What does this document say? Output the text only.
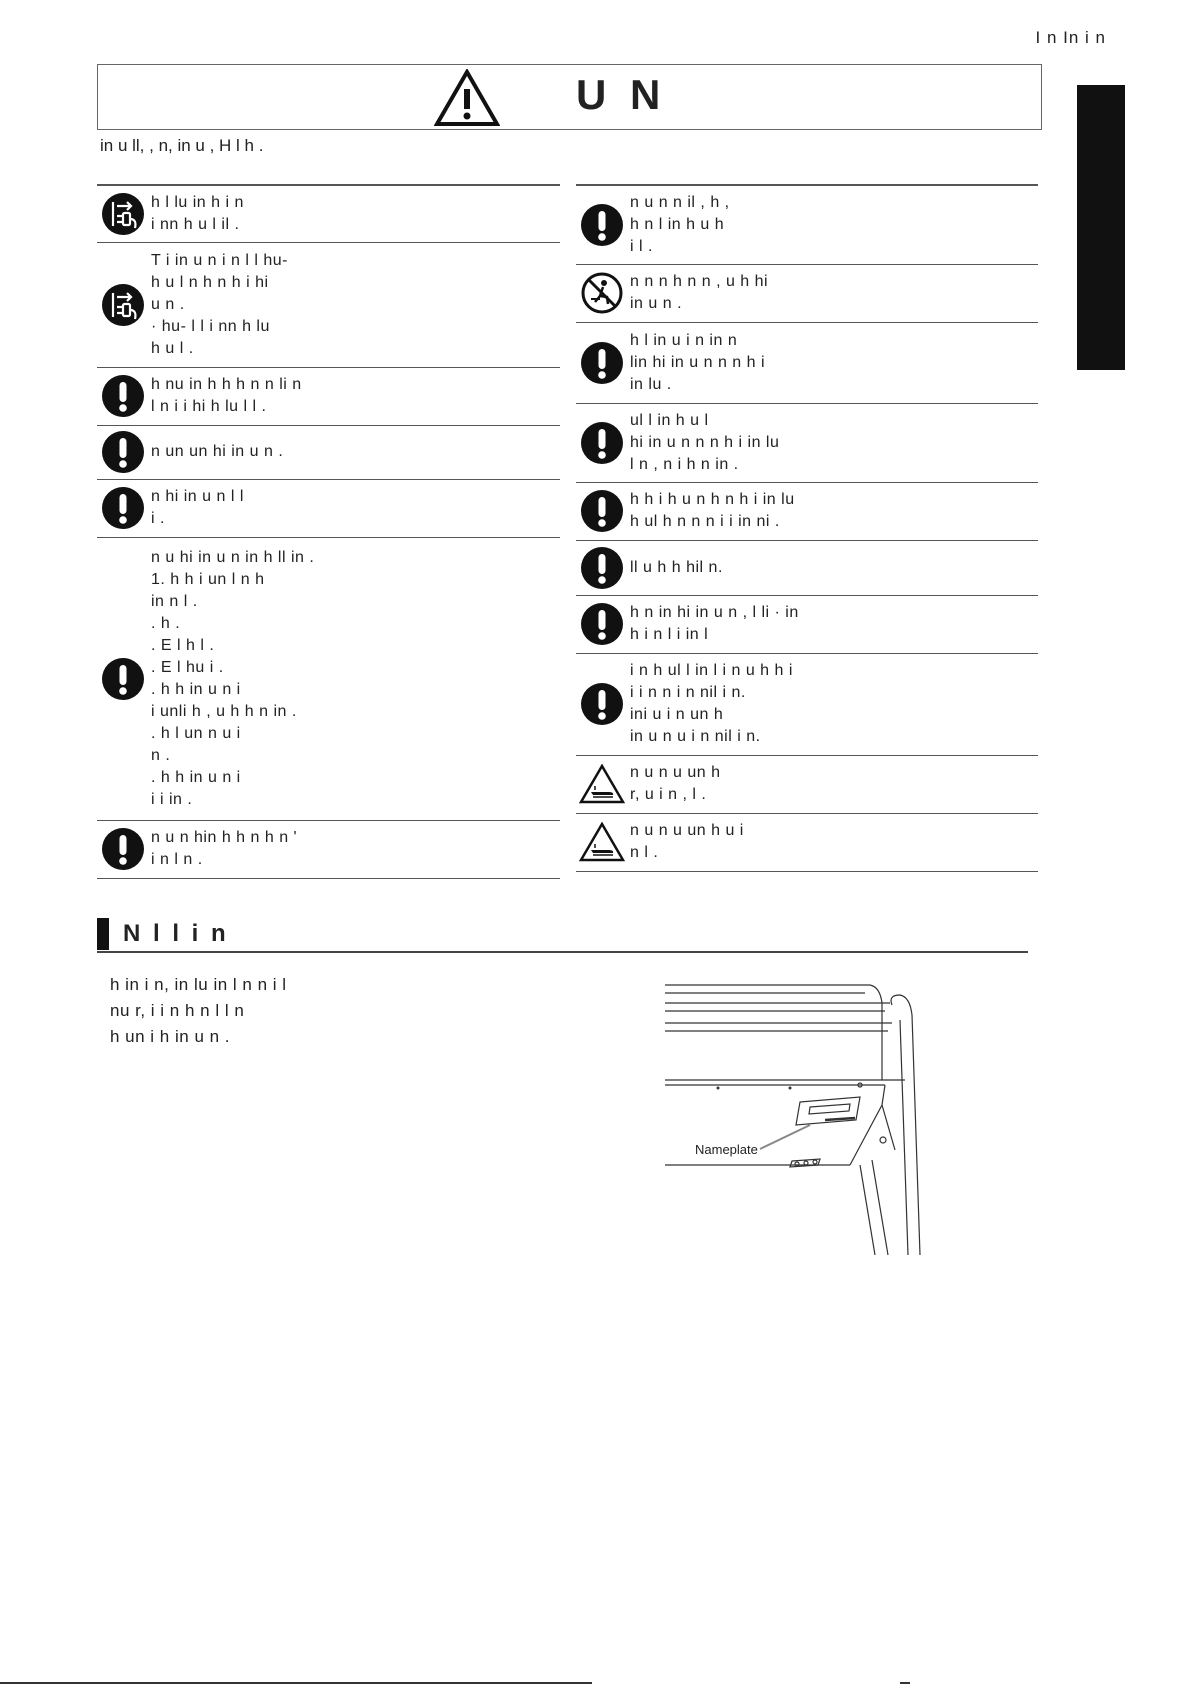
I n In i n
U N
in u ll, , n, in u , H l h .
h l lu in h i n
i nn h u l il .
T i in u n i n l l hu-
h u l n h n h i hi
u n .
· hu- l l i nn h lu
h u l .
h nu in h h h n n li n
l n i i hi h lu l l .
n un un hi in u n .
n hi in u n l l
i .
n u hi in u n in h ll in .
1. h h i un l n h
in n l .
. h .
. E l h l .
. E l hu i .
. h h in u n i
i unli h , u h h n in .
. h l un n u i
n .
. h h in u n i
i i in .
n u n hin h h n h n '
i n l n .
n u n n il , h ,
h n l in h u h
i l .
n n n h n n , u h hi
in u n .
h l in u i n in n
lin hi in u n n n h i
in lu .
ul l in h u l
hi in u n n n h i in lu
l n , n i h n in .
h h i h u n h n h i in lu
h ul h n n n i i in ni .
ll u h h hil n.
h n in hi in u n , l li · in
h i n l i in l
i n h ul l in l i n u h h i
i i n n i n nil i n.
ini u i n un h
in u n u i n nil i n.
n u n u un h
r, u i n , l .
n u n u un h u i
n l .
N l l i n
h in i n, in lu in l n n i l
nu r, i i n h n l l n
h un i h in u n .
Nameplate
